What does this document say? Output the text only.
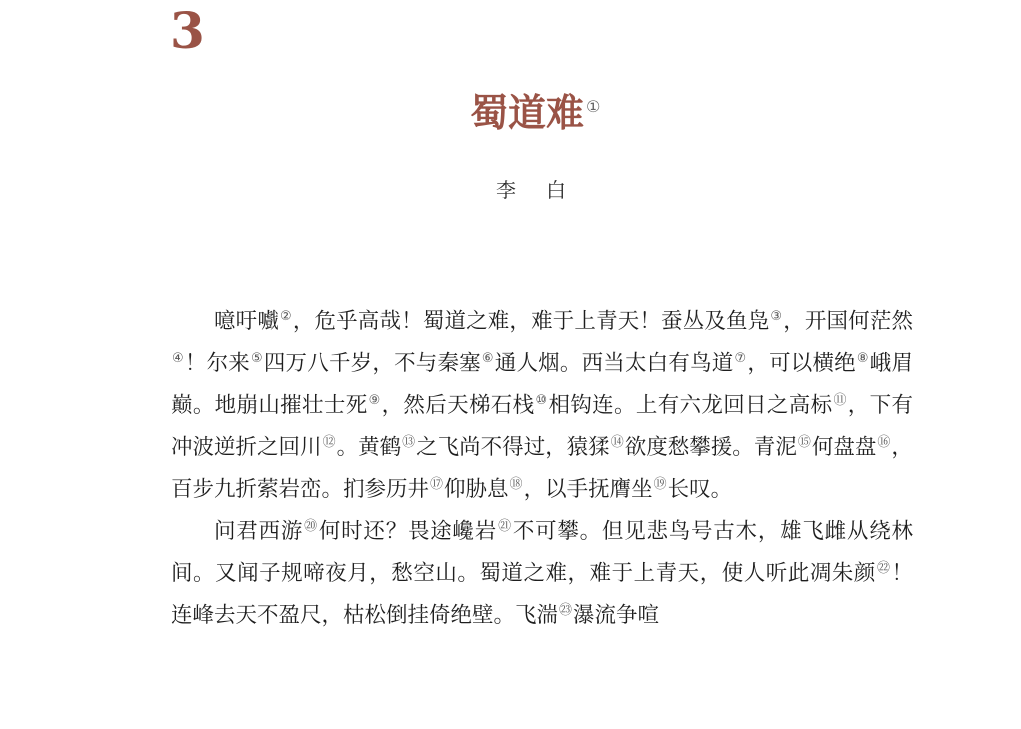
3
蜀道难 ①
李白

噫吁嚱②，危乎高哉！蜀道之难，难于上青天！蚕丛及鱼凫③，开国何茫然④！尔来⑤四万八千岁，不与秦塞⑥通人烟。西当太白有鸟道⑦，可以横绝⑧峨眉巅。地崩山摧壮士死⑨，然后天梯石栈⑩相钩连。上有六龙回日之高标⑪，下有冲波逆折之回川⑫。黄鹤⑬之飞尚不得过，猿猱⑭欲度愁攀援。青泥⑮何盘盘⑯，百步九折萦岩峦。扪参历井⑰仰胁息⑱，以手抚膺坐⑲长叹。

问君西游⑳何时还？畏途巉岩$^㉑$不可攀。但见悲鸟号古木，雄飞雌从绕林间。又闻子规啼夜月，愁空山。蜀道之难，难于上青天，使人听此凋朱颜$^㉒$！连峰去天不盈尺，枯松倒挂倚绝壁。飞湍$^㉓$瀑流争喧
